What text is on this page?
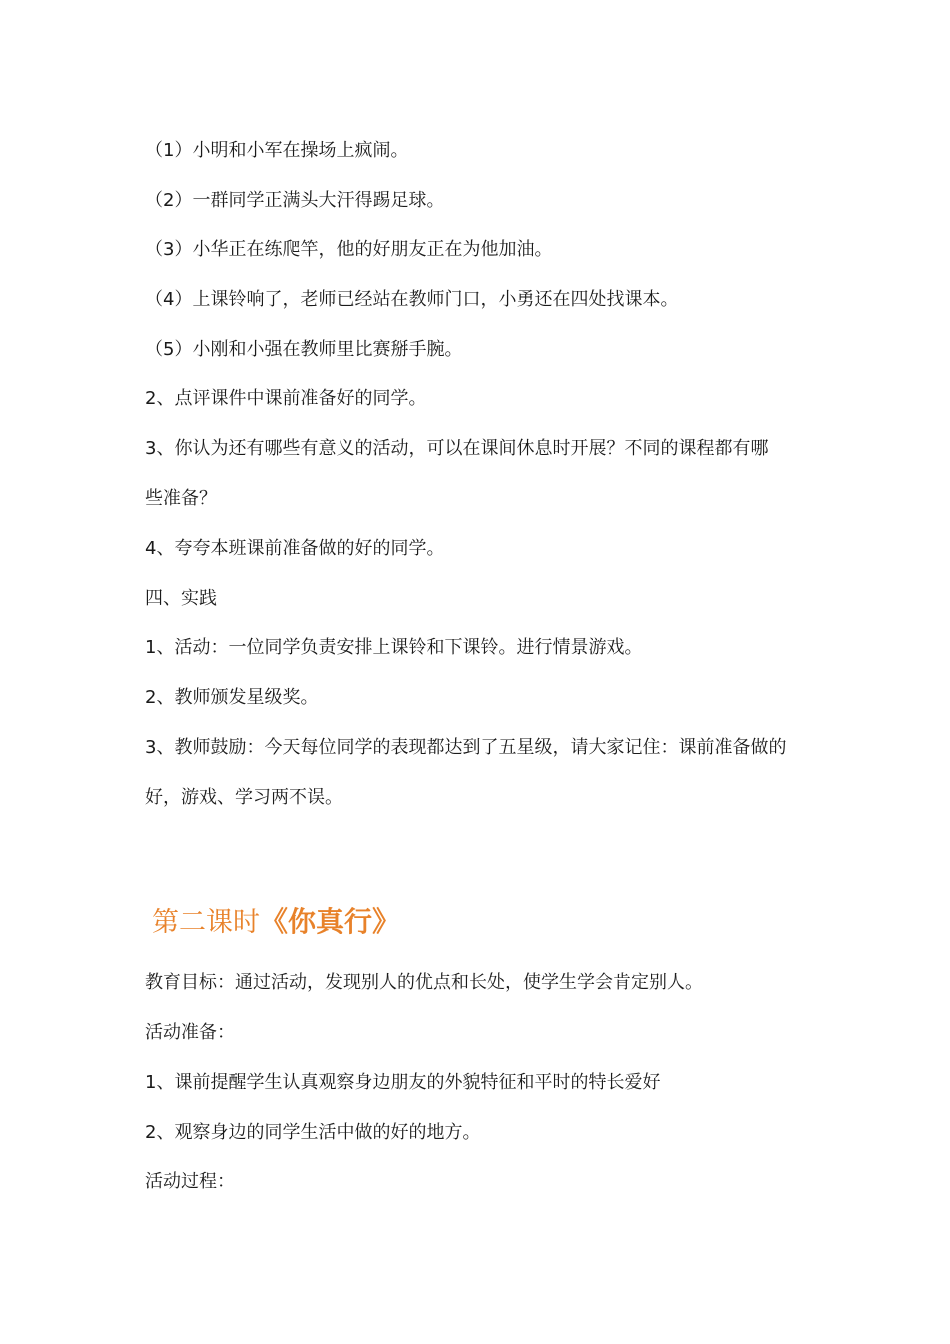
（1）小明和小军在操场上疯闹。
（2）一群同学正满头大汗得踢足球。
（3）小华正在练爬竿，他的好朋友正在为他加油。
（4）上课铃响了，老师已经站在教师门口，小勇还在四处找课本。
（5）小刚和小强在教师里比赛掰手腕。
2、点评课件中课前准备好的同学。
3、你认为还有哪些有意义的活动，可以在课间休息时开展？不同的课程都有哪
些准备？
4、夸夸本班课前准备做的好的同学。
四、实践
1、活动：一位同学负责安排上课铃和下课铃。进行情景游戏。
2、教师颁发星级奖。
3、教师鼓励：今天每位同学的表现都达到了五星级，请大家记住：课前准备做的
好，游戏、学习两不误。
第二课时《你真行》
教育目标：通过活动，发现别人的优点和长处，使学生学会肯定别人。
活动准备：
1、课前提醒学生认真观察身边朋友的外貌特征和平时的特长爱好
2、观察身边的同学生活中做的好的地方。
活动过程：
